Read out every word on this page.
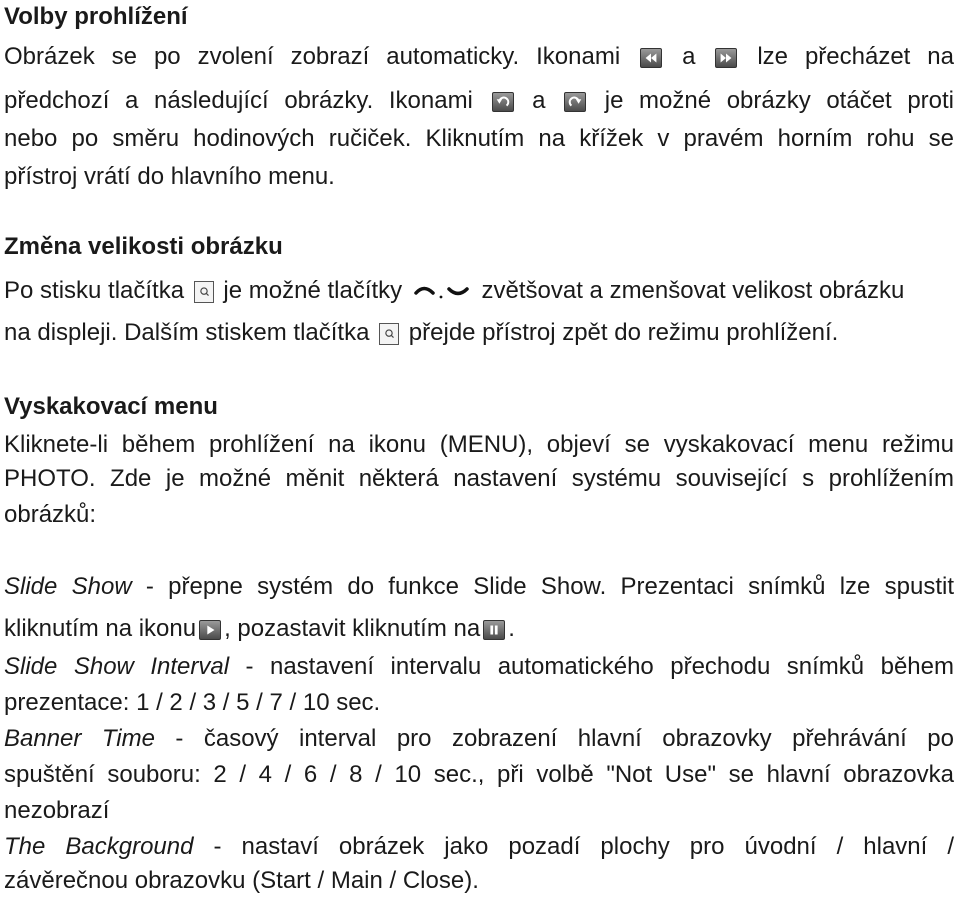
Volby prohlížení
Obrázek se po zvolení zobrazí automaticky. Ikonami	a	lze přecházet na
předchozí a následující obrázky. Ikonami a je možné obrázky otáčet proti
nebo po směru hodinových ručiček. Kliknutím na křížek v pravém horním rohu se
přístroj vrátí do hlavního menu.
Změna velikosti obrázku
Po stisku tlačítka je možné tlačítky	zvětšovat a zmenšovat velikost obrázku
na displeji. Dalším stiskem tlačítka přejde přístroj zpět do režimu prohlížení.
Vyskakovací menu
Kliknete-li během prohlížení na ikonu (MENU), objeví se vyskakovací menu režimu
PHOTO. Zde je možné měnit některá nastavení systému související s prohlížením
obrázků:
Slide Show - přepne systém do funkce Slide Show. Prezentaci snímků lze spustit
kliknutím na ikonu , pozastavit kliknutím na .
Slide Show Interval - nastavení intervalu automatického přechodu snímků během
prezentace: 1 / 2 / 3 / 5 / 7 / 10 sec.
Banner Time - časový interval pro zobrazení hlavní obrazovky přehrávání po
spuštění souboru: 2 / 4 / 6 / 8 / 10 sec., při volbě "Not Use" se hlavní obrazovka
nezobrazí
The Background - nastaví obrázek jako pozadí plochy pro úvodní / hlavní /
závěrečnou obrazovku (Start / Main / Close).
